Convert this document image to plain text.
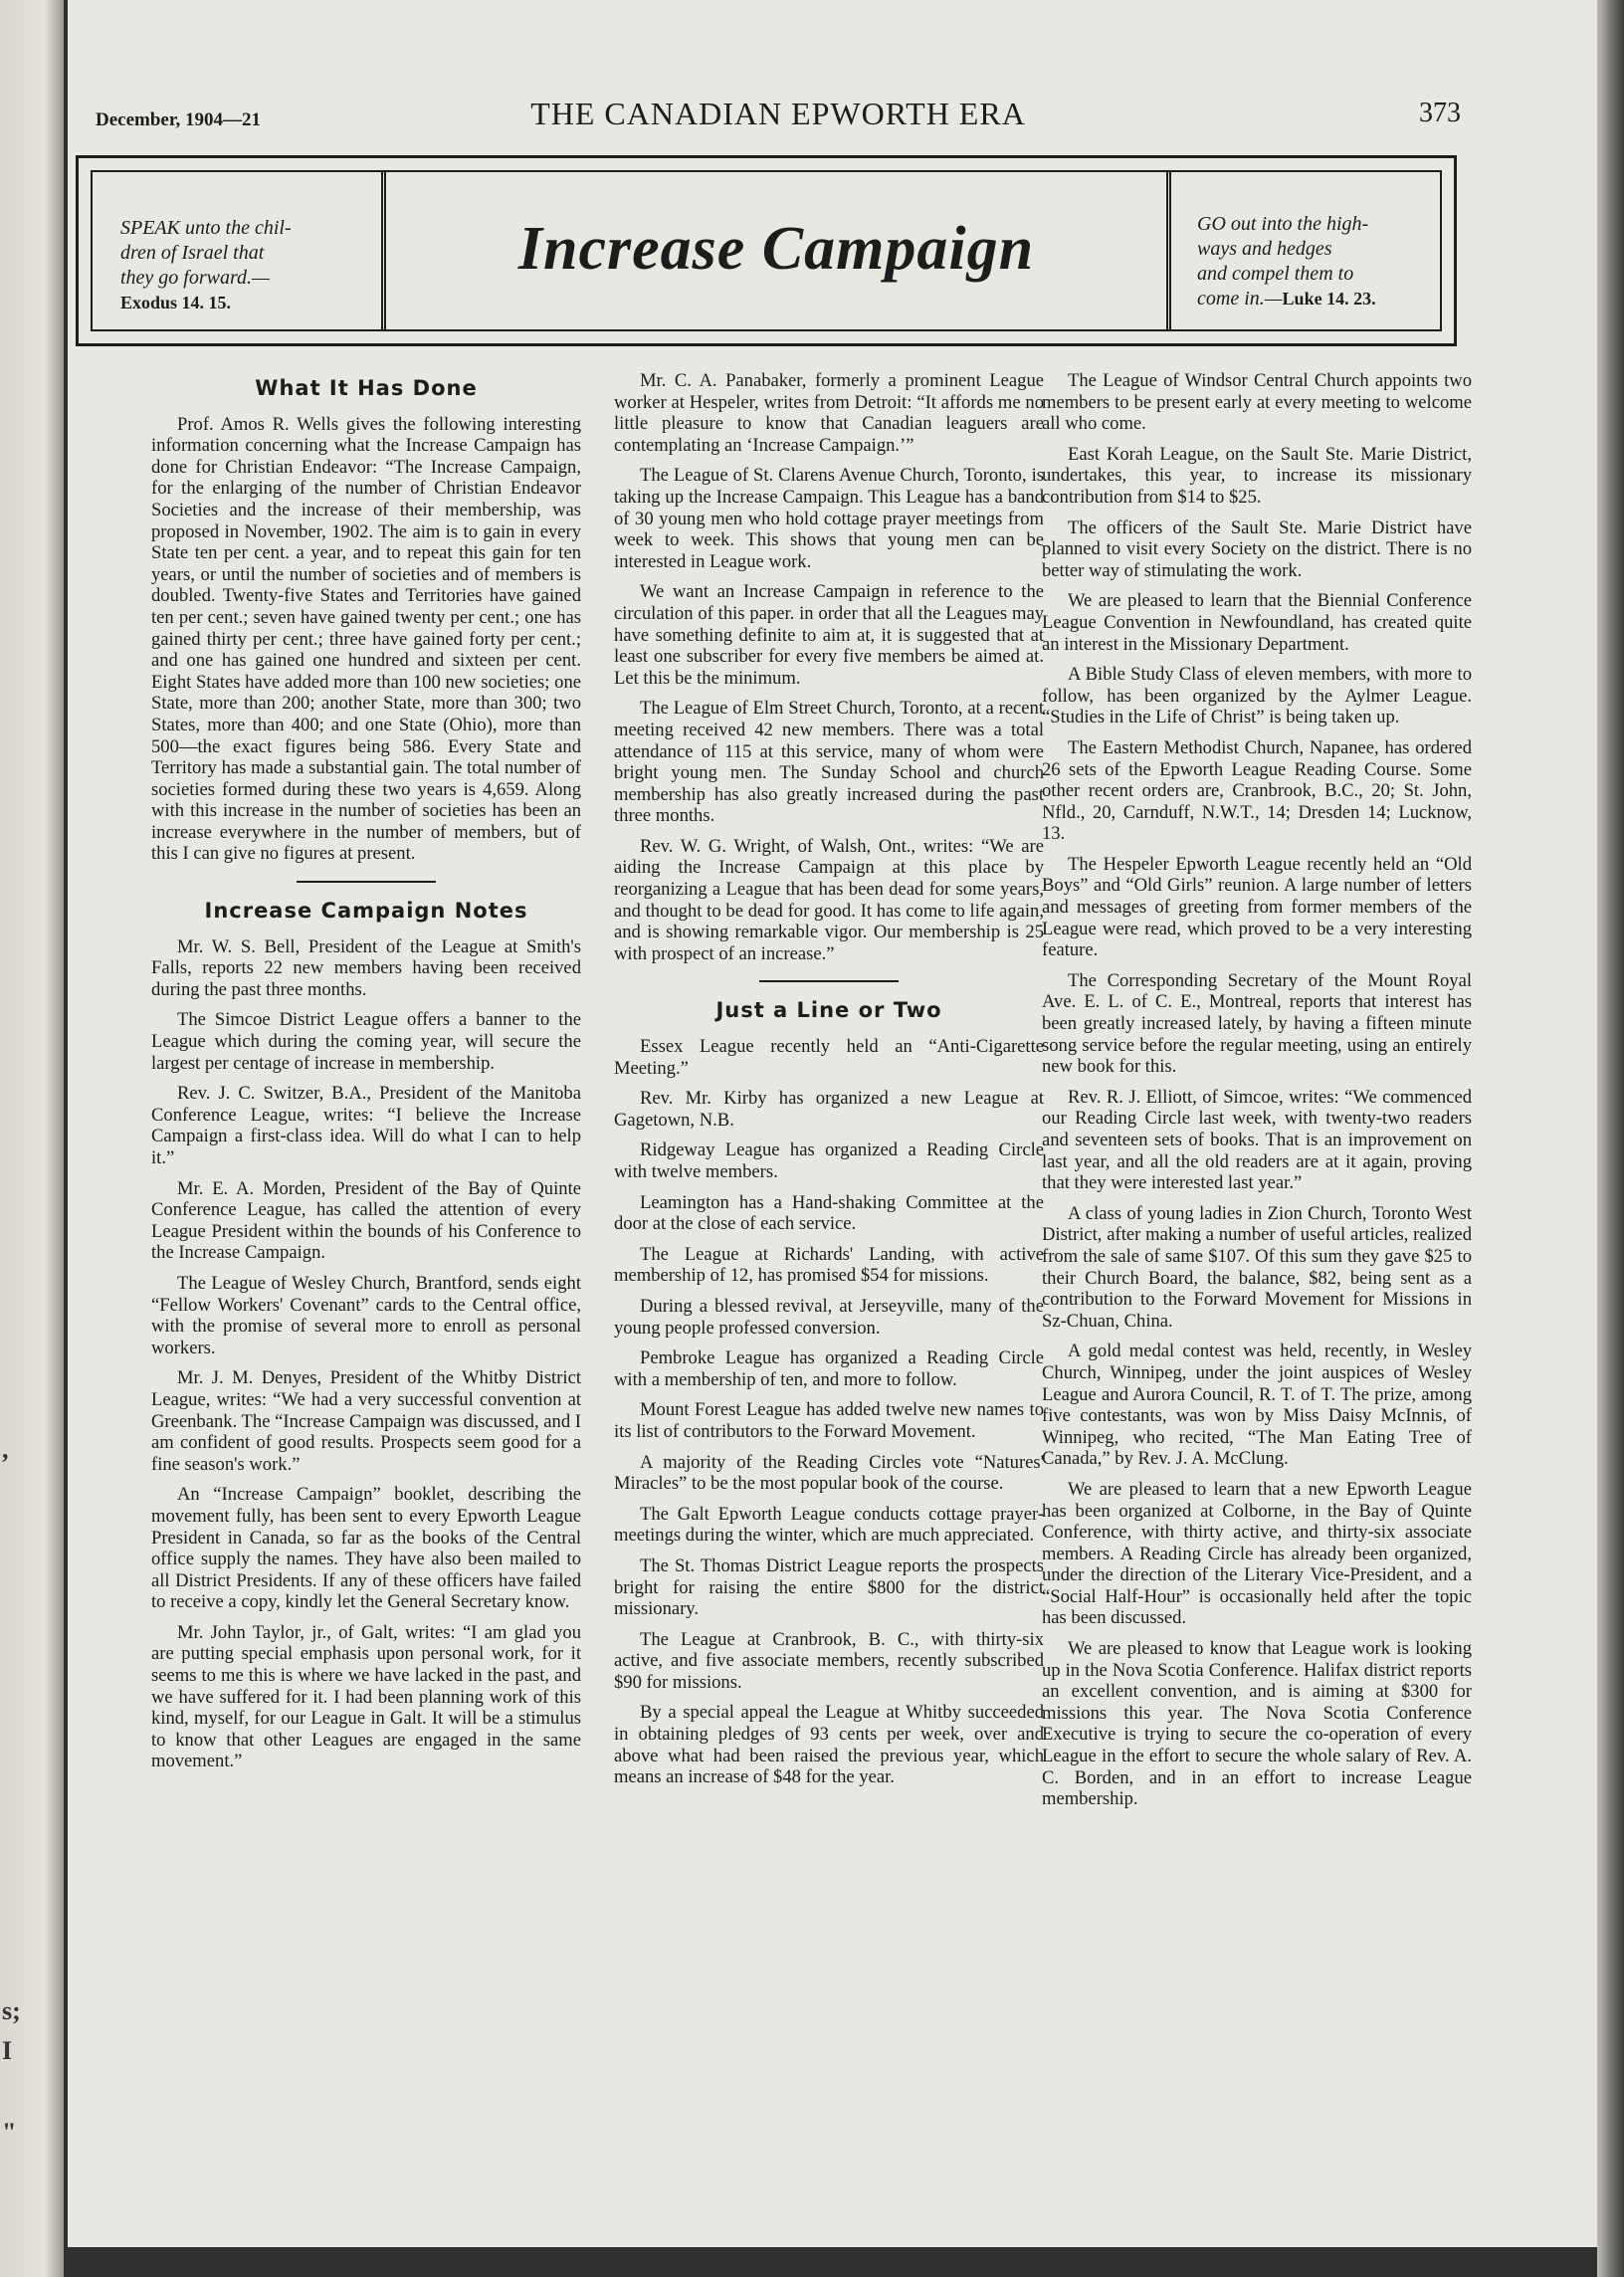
,
s;
I
"
December, 1904—21	THE CANADIAN EPWORTH ERA	373
SPEAK unto the chil-
dren of Israel that
they go forward.—
Exodus 14. 15.
Increase Campaign	GO out into the high-
ways and hedges
and compel them to
come in.—Luke 14. 23.
What It Has Done

Prof. Amos R. Wells gives the following interesting information concerning what the Increase Campaign has done for Christian Endeavor: “The Increase Campaign, for the enlarging of the number of Christian Endeavor Societies and the increase of their membership, was proposed in November, 1902. The aim is to gain in every State ten per cent. a year, and to repeat this gain for ten years, or until the number of societies and of members is doubled. Twenty-five States and Territories have gained ten per cent.; seven have gained twenty per cent.; one has gained thirty per cent.; three have gained forty per cent.; and one has gained one hundred and sixteen per cent. Eight States have added more than 100 new societies; one State, more than 200; another State, more than 300; two States, more than 400; and one State (Ohio), more than 500—the exact figures being 586. Every State and Territory has made a substantial gain. The total number of societies formed during these two years is 4,659. Along with this increase in the number of societies has been an increase everywhere in the number of members, but of this I can give no figures at present.

Increase Campaign Notes

Mr. W. S. Bell, President of the League at Smith's Falls, reports 22 new members having been received during the past three months.

The Simcoe District League offers a banner to the League which during the coming year, will secure the largest per centage of increase in membership.

Rev. J. C. Switzer, B.A., President of the Manitoba Conference League, writes: “I believe the Increase Campaign a first-class idea. Will do what I can to help it.”

Mr. E. A. Morden, President of the Bay of Quinte Conference League, has called the attention of every League President within the bounds of his Conference to the Increase Campaign.

The League of Wesley Church, Brantford, sends eight “Fellow Workers' Covenant” cards to the Central office, with the promise of several more to enroll as personal workers.

Mr. J. M. Denyes, President of the Whitby District League, writes: “We had a very successful convention at Greenbank. The “Increase Campaign was discussed, and I am confident of good results. Prospects seem good for a fine season's work.”

An “Increase Campaign” booklet, describing the movement fully, has been sent to every Epworth League President in Canada, so far as the books of the Central office supply the names. They have also been mailed to all District Presidents. If any of these officers have failed to receive a copy, kindly let the General Secretary know.

Mr. John Taylor, jr., of Galt, writes: “I am glad you are putting special emphasis upon personal work, for it seems to me this is where we have lacked in the past, and we have suffered for it. I had been planning work of this kind, myself, for our League in Galt. It will be a stimulus to know that other Leagues are engaged in the same movement.”

Mr. C. A. Panabaker, formerly a prominent League worker at Hespeler, writes from Detroit: “It affords me no little pleasure to know that Canadian leaguers are contemplating an ‘Increase Campaign.’”

The League of St. Clarens Avenue Church, Toronto, is taking up the Increase Campaign. This League has a band of 30 young men who hold cottage prayer meetings from week to week. This shows that young men can be interested in League work.

We want an Increase Campaign in reference to the circulation of this paper. in order that all the Leagues may have something definite to aim at, it is suggested that at least one subscriber for every five members be aimed at. Let this be the minimum.

The League of Elm Street Church, Toronto, at a recent meeting received 42 new members. There was a total attendance of 115 at this service, many of whom were bright young men. The Sunday School and church membership has also greatly increased during the past three months.

Rev. W. G. Wright, of Walsh, Ont., writes: “We are aiding the Increase Campaign at this place by reorganizing a League that has been dead for some years, and thought to be dead for good. It has come to life again, and is showing remarkable vigor. Our membership is 25 with prospect of an increase.”

Just a Line or Two

Essex League recently held an “Anti-Cigarette Meeting.”

Rev. Mr. Kirby has organized a new League at Gagetown, N.B.

Ridgeway League has organized a Reading Circle with twelve members.

Leamington has a Hand-shaking Committee at the door at the close of each service.

The League at Richards' Landing, with active membership of 12, has promised $54 for missions.

During a blessed revival, at Jerseyville, many of the young people professed conversion.

Pembroke League has organized a Reading Circle with a membership of ten, and more to follow.

Mount Forest League has added twelve new names to its list of contributors to the Forward Movement.

A majority of the Reading Circles vote “Natures' Miracles” to be the most popular book of the course.

The Galt Epworth League conducts cottage prayer-meetings during the winter, which are much appreciated.

The St. Thomas District League reports the prospects bright for raising the entire $800 for the district missionary.

The League at Cranbrook, B. C., with thirty-six active, and five associate members, recently subscribed $90 for missions.

By a special appeal the League at Whitby succeeded in obtaining pledges of 93 cents per week, over and above what had been raised the previous year, which means an increase of $48 for the year.

The League of Windsor Central Church appoints two members to be present early at every meeting to welcome all who come.

East Korah League, on the Sault Ste. Marie District, undertakes, this year, to increase its missionary contribution from $14 to $25.

The officers of the Sault Ste. Marie District have planned to visit every Society on the district. There is no better way of stimulating the work.

We are pleased to learn that the Biennial Conference League Convention in Newfoundland, has created quite an interest in the Missionary Department.

A Bible Study Class of eleven members, with more to follow, has been organized by the Aylmer League. “Studies in the Life of Christ” is being taken up.

The Eastern Methodist Church, Napanee, has ordered 26 sets of the Epworth League Reading Course. Some other recent orders are, Cranbrook, B.C., 20; St. John, Nfld., 20, Carnduff, N.W.T., 14; Dresden 14; Lucknow, 13.

The Hespeler Epworth League recently held an “Old Boys” and “Old Girls” reunion. A large number of letters and messages of greeting from former members of the League were read, which proved to be a very interesting feature.

The Corresponding Secretary of the Mount Royal Ave. E. L. of C. E., Montreal, reports that interest has been greatly increased lately, by having a fifteen minute song service before the regular meeting, using an entirely new book for this.

Rev. R. J. Elliott, of Simcoe, writes: “We commenced our Reading Circle last week, with twenty-two readers and seventeen sets of books. That is an improvement on last year, and all the old readers are at it again, proving that they were interested last year.”

A class of young ladies in Zion Church, Toronto West District, after making a number of useful articles, realized from the sale of same $107. Of this sum they gave $25 to their Church Board, the balance, $82, being sent as a contribution to the Forward Movement for Missions in Sz-Chuan, China.

A gold medal contest was held, recently, in Wesley Church, Winnipeg, under the joint auspices of Wesley League and Aurora Council, R. T. of T. The prize, among five contestants, was won by Miss Daisy McInnis, of Winnipeg, who recited, “The Man Eating Tree of Canada,” by Rev. J. A. McClung.

We are pleased to learn that a new Epworth League has been organized at Colborne, in the Bay of Quinte Conference, with thirty active, and thirty-six associate members. A Reading Circle has already been organized, under the direction of the Literary Vice-President, and a “Social Half-Hour” is occasionally held after the topic has been discussed.

We are pleased to know that League work is looking up in the Nova Scotia Conference. Halifax district reports an excellent convention, and is aiming at $300 for missions this year. The Nova Scotia Conference Executive is trying to secure the co-operation of every League in the effort to secure the whole salary of Rev. A. C. Borden, and in an effort to increase League membership.
